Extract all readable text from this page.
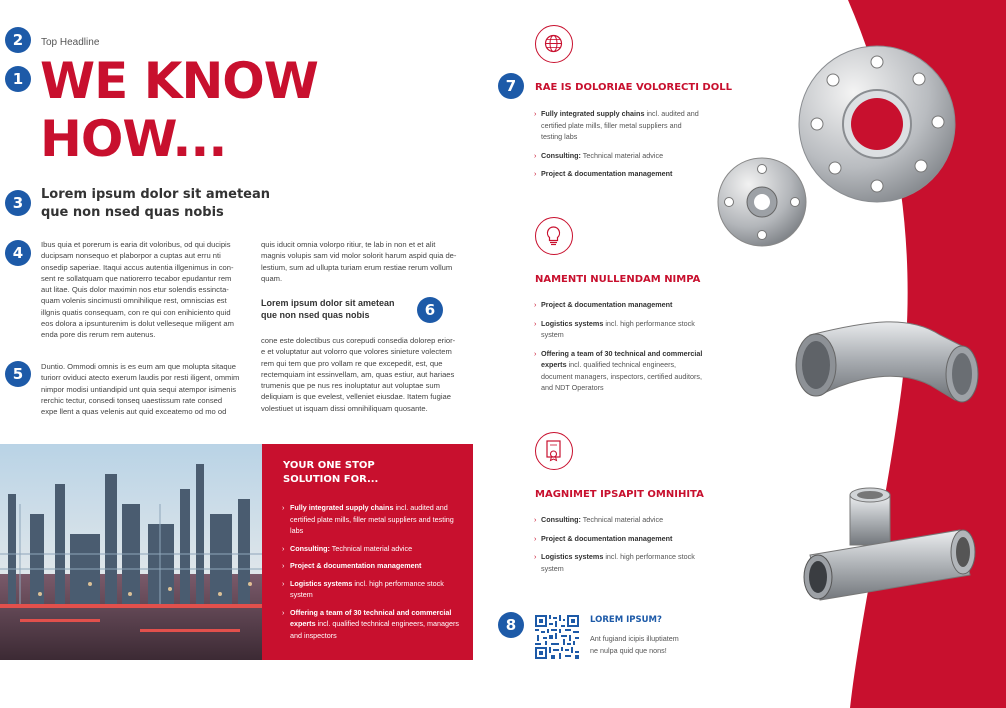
2
1
3
4
5
6
7
8
Top Headline
WE KNOW
HOW...
Lorem ipsum dolor sit ametean
que non nsed quas nobis
Ibus quia et porerum is earia dit voloribus, od qui ducipis
ducipsam nonsequo et plaborpor a cuptas aut erru nti
onsedip saperiae. Itaqui accus autentia illgenimus in con-
sent re sollatquam que natiorerro tecabor epudantur rem
aut litae. Quis dolor maximin nos etur solendis essincta-
quam volenis sincimusti omnihilique rest, omniscias est
illgnis quatis consequam, con re qui con enihiciento quid
eos dolora a ipsunturenim is dolut velleseque miligent am
enda pore dis rerum rem autenus.
Duntio. Ommodi omnis is es eum am que molupta sitaque
turiorr oviduci atecto exerum laudis por resti iligent, ommim
nimpor modisi untiandipid unt quia sequi atempor isimenis
rerchic tectur, consedi tonseq uaestissum rate consed
expe llent a quas velenis aut quid exceatemo od mo od
quis iducit omnia volorpo ritiur, te lab in non et et alit
magnis volupis sam vid molor solorit harum aspid quia de-
lestium, sum ad ullupta turiam erum restiae rerum vollum
quam.
Lorem ipsum dolor sit ametean
que non nsed quas nobis
cone este dolectibus cus corepudi consedia dolorep erior-
e et voluptatur aut volorro que volores sinieture volectem
rem qui tem que pro vollam re que excepedit, est, que
rectemquiam int essinvellam, am, quas estiur, aut hariaes
trumenis que pe nus res inoluptatur aut voluptae sum
deliquiam is que evelest, velleniet eiusdae. Itatem fugiae
volestiuet ut isquam dissi omnihiliquam quosante.
YOUR ONE STOP
SOLUTION FOR...
› Fully integrated supply chains incl. audited and certified plate mills, filler metal suppliers and testing labs
› Consulting: Technical material advice
› Project & documentation management
› Logistics systems incl. high performance stock system
› Offering a team of 30 technical and commercial experts incl. qualified technical engineers, managers and inspectors
RAE IS DOLORIAE VOLORECTI DOLL
› Fully integrated supply chains incl. audited and certified plate mills, filler metal suppliers and testing labs
› Consulting: Technical material advice
› Project & documentation management
NAMENTI NULLENDAM NIMPA
› Project & documentation management
› Logistics systems incl. high performance stock system
› Offering a team of 30 technical and commercial experts incl. qualified technical engineers, document managers, inspectors, certified auditors, and NDT Operators
MAGNIMET IPSAPIT OMNIHITA
› Consulting: Technical material advice
› Project & documentation management
› Logistics systems incl. high performance stock system
LOREM IPSUM?
Ant fugiand icipis illuptiatem
ne nulpa quid que nons!
